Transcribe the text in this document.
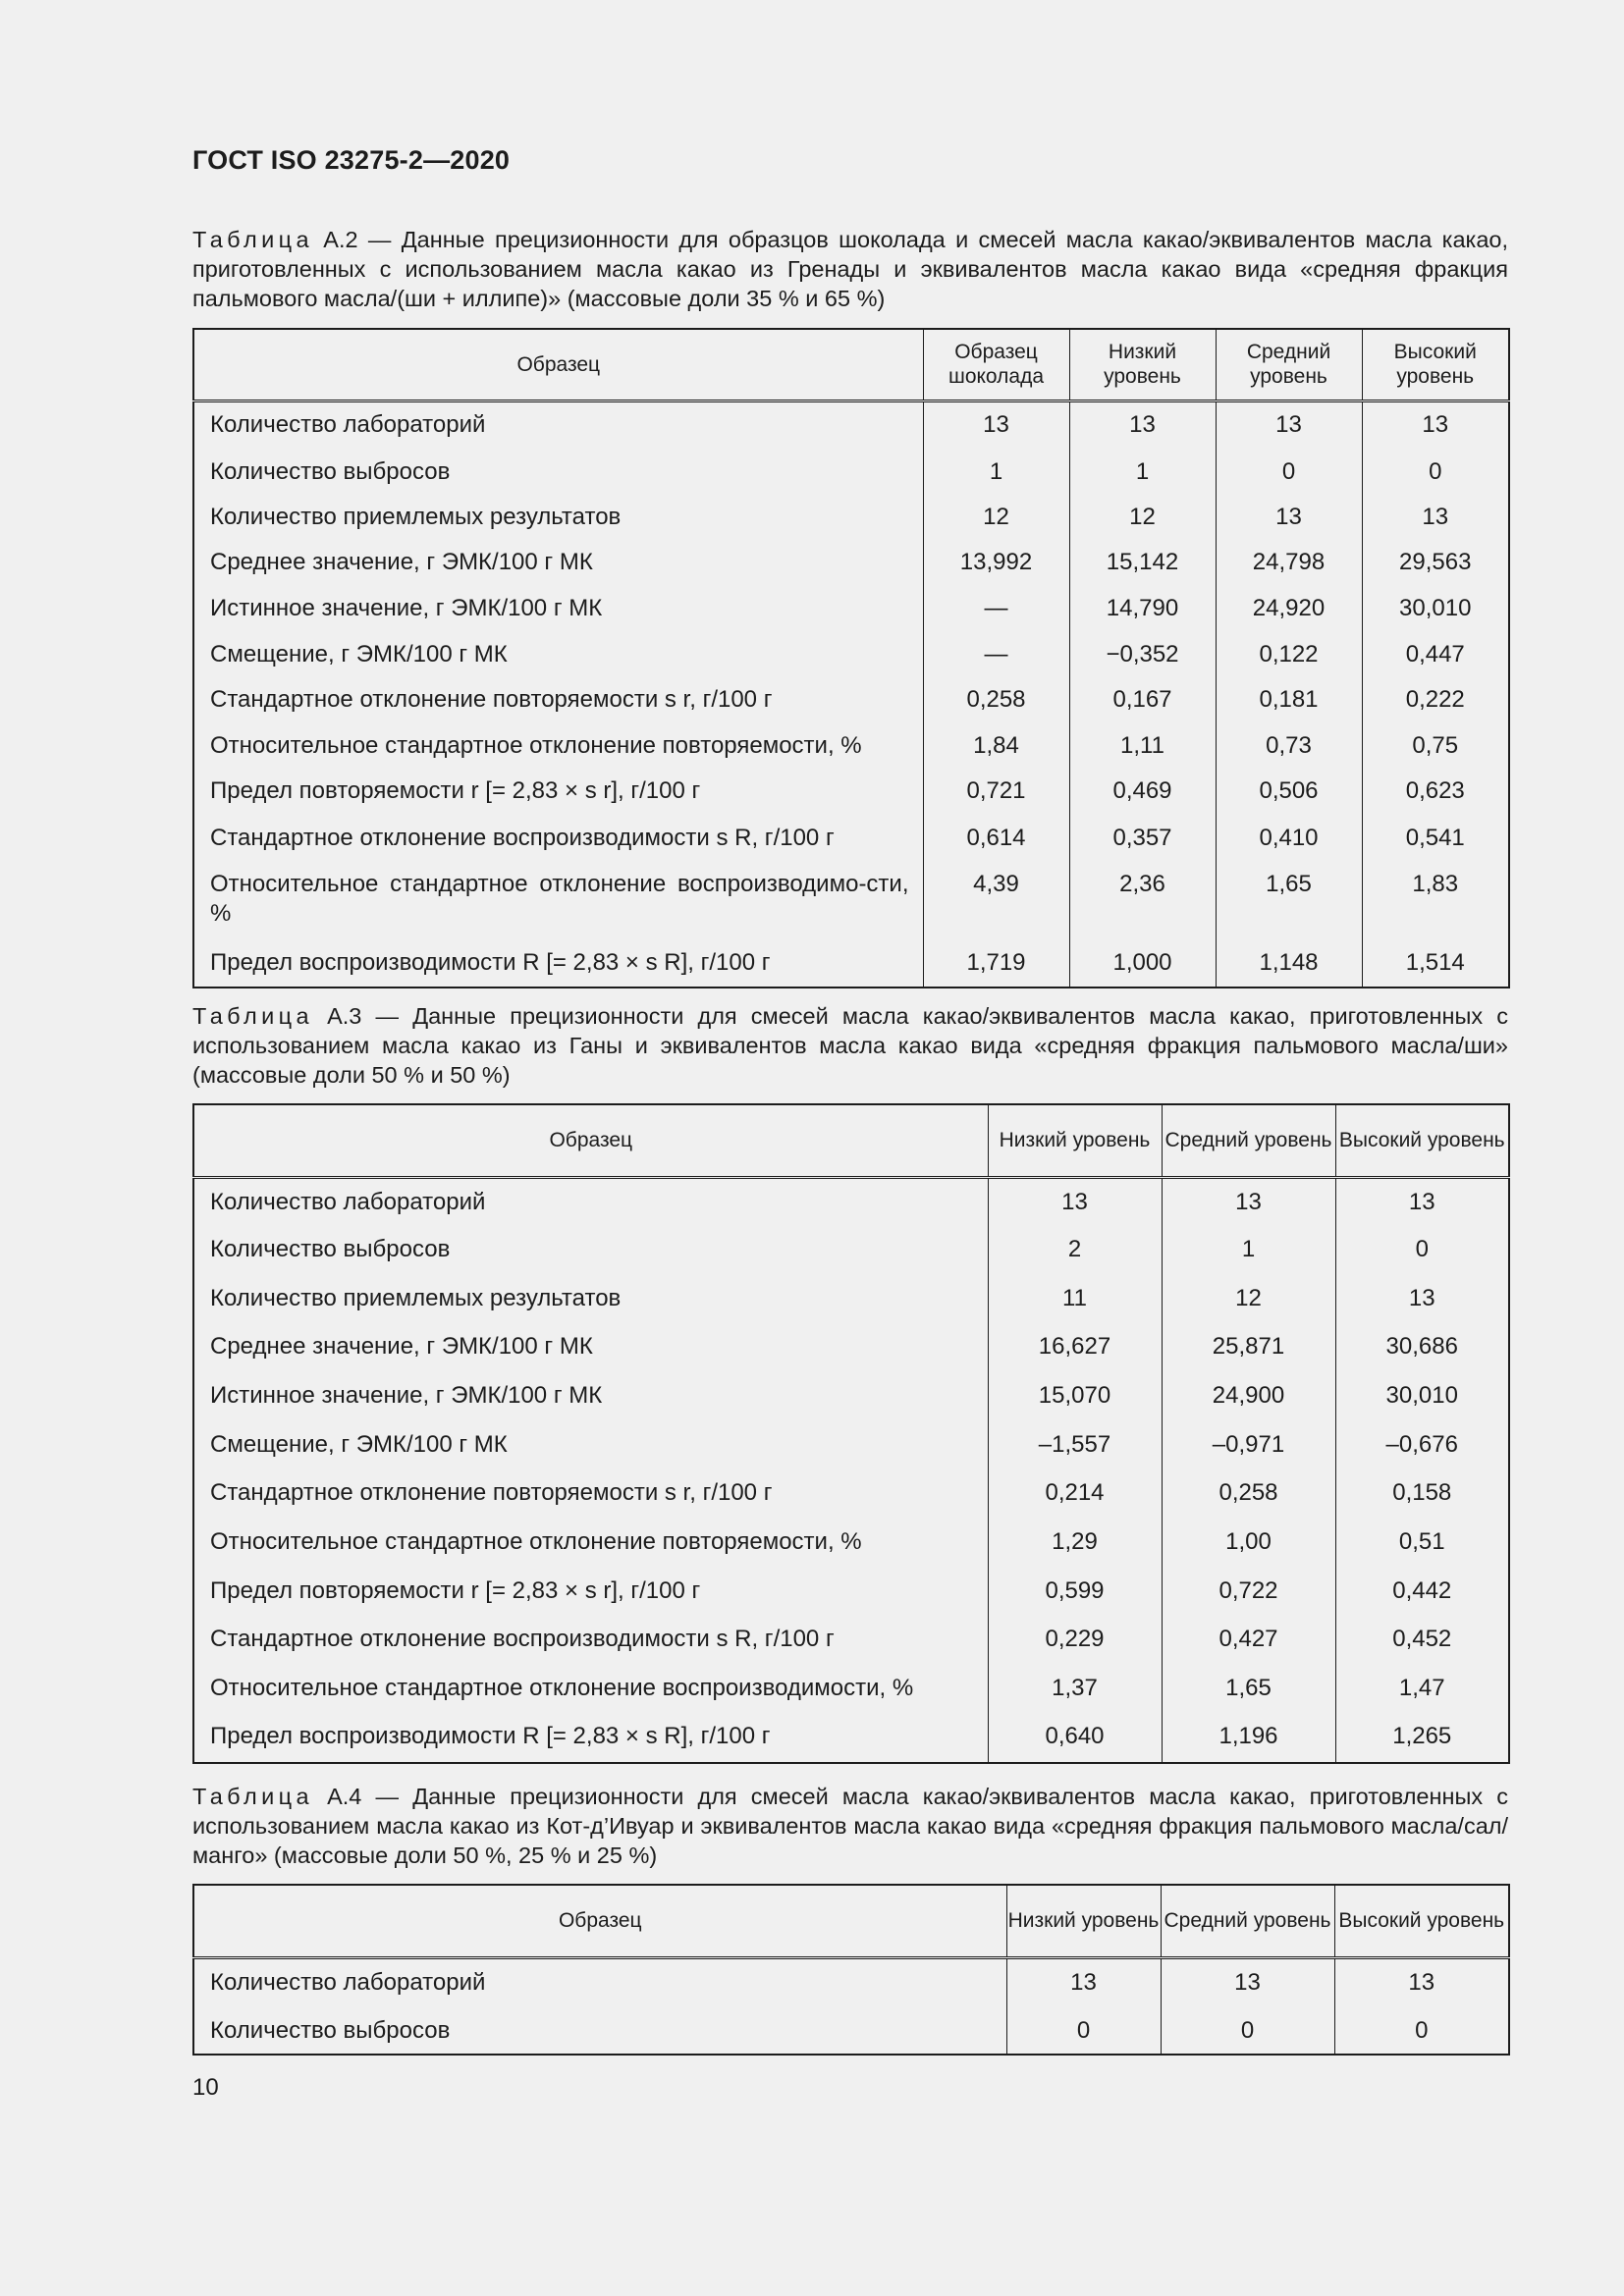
ГОСТ ISO 23275-2—2020
Таблица А.2 — Данные прецизионности для образцов шоколада и смесей масла какао/эквивалентов масла какао, приготовленных с использованием масла какао из Гренады и эквивалентов масла какао вида «средняя фракция пальмового масла/(ши + иллипе)» (массовые доли 35 % и 65 %)
Образец	Образец шоколада	Низкий уровень	Средний уровень	Высокий уровень
Количество лабораторий	13	13	13	13
Количество выбросов	1	1	0	0
Количество приемлемых результатов	12	12	13	13
Среднее значение, г ЭМК/100 г МК	13,992	15,142	24,798	29,563
Истинное значение, г ЭМК/100 г МК	—	14,790	24,920	30,010
Смещение, г ЭМК/100 г МК	—	−0,352	0,122	0,447
Стандартное отклонение повторяемости s r, г/100 г	0,258	0,167	0,181	0,222
Относительное стандартное отклонение повторяемости, %	1,84	1,11	0,73	0,75
Предел повторяемости r [= 2,83 × s r], г/100 г	0,721	0,469	0,506	0,623
Стандартное отклонение воспроизводимости s R, г/100 г	0,614	0,357	0,410	0,541
Относительное стандартное отклонение воспроизводимо-сти, %	4,39	2,36	1,65	1,83
Предел воспроизводимости R [= 2,83 × s R], г/100 г	1,719	1,000	1,148	1,514
Таблица А.3 — Данные прецизионности для смесей масла какао/эквивалентов масла какао, приготовленных с использованием масла какао из Ганы и эквивалентов масла какао вида «средняя фракция пальмового масла/ши» (массовые доли 50 % и 50 %)
Образец	Низкий уровень	Средний уровень	Высокий уровень
Количество лабораторий	13	13	13
Количество выбросов	2	1	0
Количество приемлемых результатов	11	12	13
Среднее значение, г ЭМК/100 г МК	16,627	25,871	30,686
Истинное значение, г ЭМК/100 г МК	15,070	24,900	30,010
Смещение, г ЭМК/100 г МК	–1,557	–0,971	–0,676
Стандартное отклонение повторяемости s r, г/100 г	0,214	0,258	0,158
Относительное стандартное отклонение повторяемости, %	1,29	1,00	0,51
Предел повторяемости r [= 2,83 × s r], г/100 г	0,599	0,722	0,442
Стандартное отклонение воспроизводимости s R, г/100 г	0,229	0,427	0,452
Относительное стандартное отклонение воспроизводимости, %	1,37	1,65	1,47
Предел воспроизводимости R [= 2,83 × s R], г/100 г	0,640	1,196	1,265
Таблица А.4 — Данные прецизионности для смесей масла какао/эквивалентов масла какао, приготовленных с использованием масла какао из Кот-д’Ивуар и эквивалентов масла какао вида «средняя фракция пальмового масла/сал/манго» (массовые доли 50 %, 25 % и 25 %)
Образец	Низкий уровень	Средний уровень	Высокий уровень
Количество лабораторий	13	13	13
Количество выбросов	0	0	0
10
